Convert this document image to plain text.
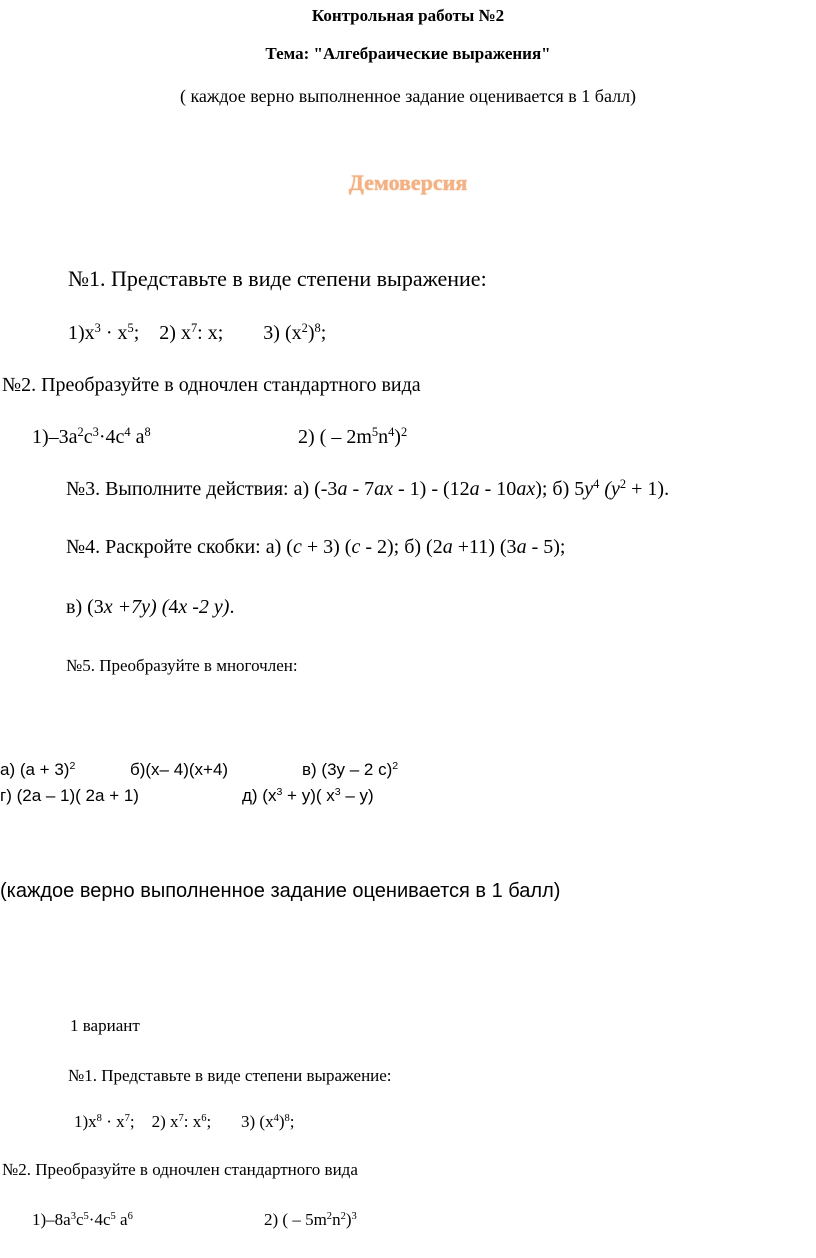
Контрольная работы №2
Тема: "Алгебраические выражения"
( каждое верно выполненное задание оценивается в 1 балл)
Демоверсия
№1. Представьте в виде степени выражение:
$1)x^3 \cdot x^5$;    2) $x^7$: x;        3) $(x^2)^8$;
№2. Преобразуйте в одночлен стандартного вида
$1)-3a^2c^3\cdot 4c^4$ $a^8$	2) ( – $2m^5n^4)^2$
№3. Выполните действия: а) (-3a - 7ax - 1) - (12a - 10ax); б) $5y^4$ $(y^2 + 1)$.
№4. Раскройте скобки: а) (c + 3) (c - 2); б) (2a +11) (3a - 5);
в) (3x +7y) (4x -2 y).
№5. Преобразуйте в многочлен:
а) $(a + 3)^2$	б)(x– 4)(x+4)	в) (3y – 2 c)$^2$
г) (2a – 1)( 2a + 1)	д) $(x^3 + y)$( $x^3 - y$)
(каждое верно выполненное задание оценивается в 1 балл)
1 вариант
№1. Представьте в виде степени выражение:
$1)x^8 \cdot x^7$;    2) $x^7$: $x^6$;       3) $(x^4)^8$;
№2. Преобразуйте в одночлен стандартного вида
$1)-8a^3c^5\cdot 4c^5$ $a^6$	2) ( – $5m^2n^2)^3$
